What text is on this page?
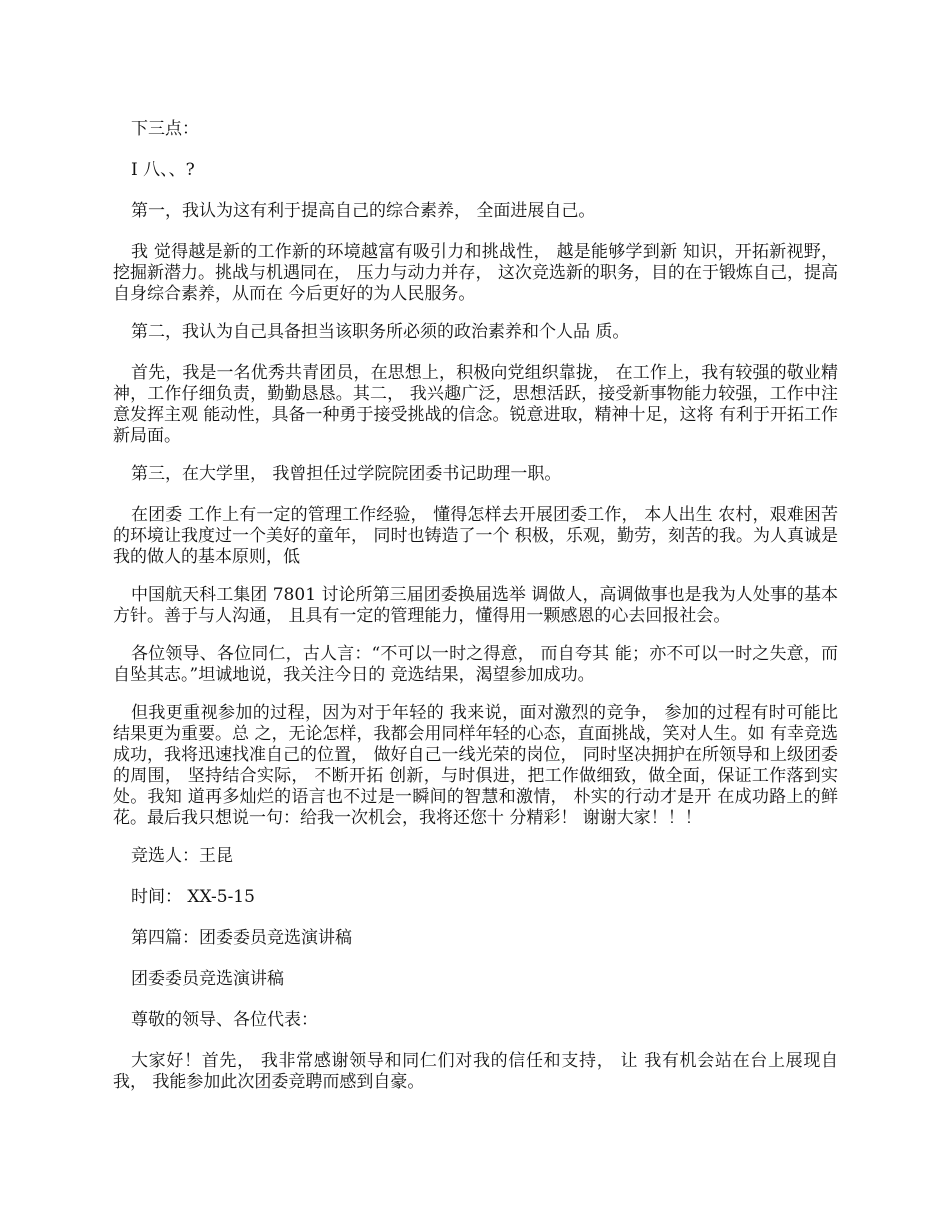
下三点：

I 八、、?

第一，我认为这有利于提高自己的综合素养， 全面进展自己。

我 觉得越是新的工作新的环境越富有吸引力和挑战性， 越是能够学到新 知识，开拓新视野，挖掘新潜力。挑战与机遇同在， 压力与动力并存， 这次竞选新的职务，目的在于锻炼自己，提高自身综合素养，从而在 今后更好的为人民服务。

第二，我认为自己具备担当该职务所必须的政治素养和个人品 质。

首先，我是一名优秀共青团员，在思想上，积极向党组织靠拢， 在工作上，我有较强的敬业精神，工作仔细负责，勤勤恳恳。其二， 我兴趣广泛，思想活跃，接受新事物能力较强，工作中注意发挥主观 能动性，具备一种勇于接受挑战的信念。锐意进取，精神十足，这将 有利于开拓工作新局面。

第三，在大学里， 我曾担任过学院院团委书记助理一职。

在团委 工作上有一定的管理工作经验， 懂得怎样去开展团委工作， 本人出生 农村，艰难困苦的环境让我度过一个美好的童年， 同时也铸造了一个 积极，乐观，勤劳，刻苦的我。为人真诚是我的做人的基本原则，低

中国航天科工集团 7801 讨论所第三届团委换届选举 调做人，高调做事也是我为人处事的基本方针。善于与人沟通， 且具有一定的管理能力，懂得用一颗感恩的心去回报社会。

各位领导、各位同仁，古人言：“不可以一时之得意， 而自夸其 能；亦不可以一时之失意，而自坠其志。”坦诚地说，我关注今日的 竞选结果，渴望参加成功。

但我更重视参加的过程，因为对于年轻的 我来说，面对激烈的竞争， 参加的过程有时可能比结果更为重要。总 之，无论怎样，我都会用同样年轻的心态，直面挑战，笑对人生。如 有幸竞选成功，我将迅速找准自己的位置， 做好自己一线光荣的岗位， 同时坚决拥护在所领导和上级团委的周围， 坚持结合实际， 不断开拓 创新，与时俱进，把工作做细致，做全面，保证工作落到实处。我知 道再多灿烂的语言也不过是一瞬间的智慧和激情， 朴实的行动才是开 在成功路上的鲜花。最后我只想说一句：给我一次机会，我将还您十 分精彩！ 谢谢大家！！！

竞选人：王昆

时间： XX-5-15

第四篇：团委委员竞选演讲稿

团委委员竞选演讲稿

尊敬的领导、各位代表：

大家好！首先， 我非常感谢领导和同仁们对我的信任和支持， 让 我有机会站在台上展现自我， 我能参加此次团委竞聘而感到自豪。
